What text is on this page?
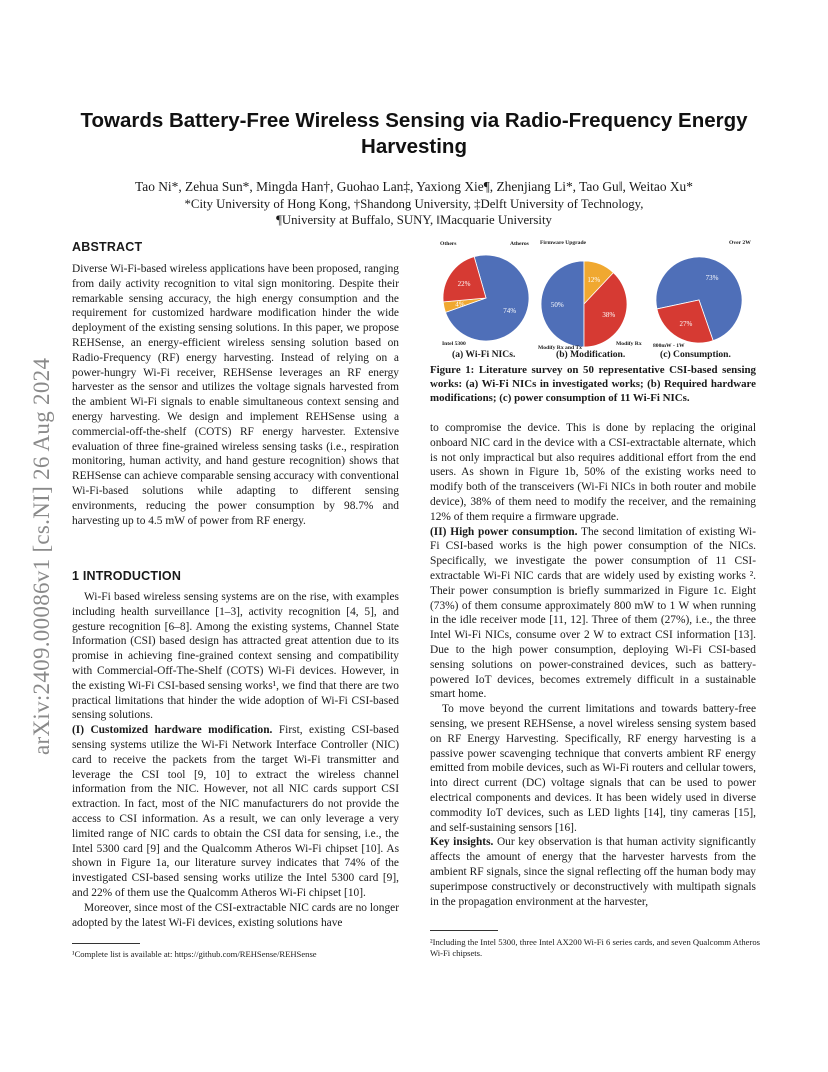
arXiv:2409.00086v1 [cs.NI] 26 Aug 2024
Towards Battery-Free Wireless Sensing via Radio-Frequency Energy Harvesting
Tao Ni*, Zehua Sun*, Mingda Han†, Guohao Lan‡, Yaxiong Xie¶, Zhenjiang Li*, Tao Gu‖, Weitao Xu*
*City University of Hong Kong, †Shandong University, ‡Delft University of Technology,
¶University at Buffalo, SUNY, ‖Macquarie University
ABSTRACT

Diverse Wi-Fi-based wireless applications have been proposed, ranging from daily activity recognition to vital sign monitoring. Despite their remarkable sensing accuracy, the high energy consumption and the requirement for customized hardware modification hinder the wide deployment of the existing sensing solutions. In this paper, we propose REHSense, an energy-efficient wireless sensing solution based on Radio-Frequency (RF) energy harvesting. Instead of relying on a power-hungry Wi-Fi receiver, REHSense leverages an RF energy harvester as the sensor and utilizes the voltage signals harvested from the ambient Wi-Fi signals to enable simultaneous context sensing and energy harvesting. We design and implement REHSense using a commercial-off-the-shelf (COTS) RF energy harvester. Extensive evaluation of three fine-grained wireless sensing tasks (i.e., respiration monitoring, human activity, and hand gesture recognition) shows that REHSense can achieve comparable sensing accuracy with conventional Wi-Fi-based solutions while adapting to different sensing environments, reducing the power consumption by 98.7% and harvesting up to 4.5 mW of power from RF energy.

1 INTRODUCTION

Wi-Fi based wireless sensing systems are on the rise, with examples including health surveillance [1–3], activity recognition [4, 5], and gesture recognition [6–8]. Among the existing systems, Channel State Information (CSI) based design has attracted great attention due to its promise in achieving fine-grained context sensing and compatibility with Commercial-Off-The-Shelf (COTS) Wi-Fi devices. However, in the existing Wi-Fi CSI-based sensing works¹, we find that there are two practical limitations that hinder the wide adoption of Wi-Fi CSI-based sensing solutions.

(I) Customized hardware modification. First, existing CSI-based sensing systems utilize the Wi-Fi Network Interface Controller (NIC) card to receive the packets from the target Wi-Fi transmitter and leverage the CSI tool [9, 10] to extract the wireless channel information from the NIC. However, not all NIC cards support CSI extraction. In fact, most of the NIC manufacturers do not provide the access to CSI information. As a result, we can only leverage a very limited range of NIC cards to obtain the CSI data for sensing, i.e., the Intel 5300 card [9] and the Qualcomm Atheros Wi-Fi chipset [10]. As shown in Figure 1a, our literature survey indicates that 74% of the investigated CSI-based sensing works utilize the Intel 5300 card [9], and 22% of them use the Qualcomm Atheros Wi-Fi chipset [10].

Moreover, since most of the CSI-extractable NIC cards are no longer adopted by the latest Wi-Fi devices, existing solutions have

74%
Intel 5300
4%
Others
22%
Atheros
50%
Modify Rx and Tx
12%
Firmware Upgrade
38%
Modify Rx
73%
800mW - 1W
27%
Over 2W
(a) Wi-Fi NICs.	(b) Modification.	(c) Consumption.
Figure 1: Literature survey on 50 representative CSI-based sensing works: (a) Wi-Fi NICs in investigated works; (b) Required hardware modifications; (c) power consumption of 11 Wi-Fi NICs.

to compromise the device. This is done by replacing the original onboard NIC card in the device with a CSI-extractable alternate, which is not only impractical but also requires additional effort from the end users. As shown in Figure 1b, 50% of the existing works need to modify both of the transceivers (Wi-Fi NICs in both router and mobile device), 38% of them need to modify the receiver, and the remaining 12% of them require a firmware upgrade.

(II) High power consumption. The second limitation of existing Wi-Fi CSI-based works is the high power consumption of the NICs. Specifically, we investigate the power consumption of 11 CSI-extractable Wi-Fi NIC cards that are widely used by existing works ². Their power consumption is briefly summarized in Figure 1c. Eight (73%) of them consume approximately 800 mW to 1 W when running in the idle receiver mode [11, 12]. Three of them (27%), i.e., the three Intel Wi-Fi NICs, consume over 2 W to extract CSI information [13]. Due to the high power consumption, deploying Wi-Fi CSI-based sensing solutions on power-constrained devices, such as battery-powered IoT devices, becomes extremely difficult in a sustainable smart home.

To move beyond the current limitations and towards battery-free sensing, we present REHSense, a novel wireless sensing system based on RF Energy Harvesting. Specifically, RF energy harvesting is a passive power scavenging technique that converts ambient RF energy emitted from mobile devices, such as Wi-Fi routers and cellular towers, into direct current (DC) voltage signals that can be used to power electrical components and devices. It has been widely used in diverse commodity IoT devices, such as LED lights [14], tiny cameras [15], and self-sustaining sensors [16].

Key insights. Our key observation is that human activity significantly affects the amount of energy that the harvester harvests from the ambient RF signals, since the signal reflecting off the human body may superimpose constructively or deconstructively with multipath signals in the propagation environment at the harvester,

¹Complete list is available at: https://github.com/REHSense/REHSense
²Including the Intel 5300, three Intel AX200 Wi-Fi 6 series cards, and seven Qualcomm Atheros Wi-Fi chipsets.
